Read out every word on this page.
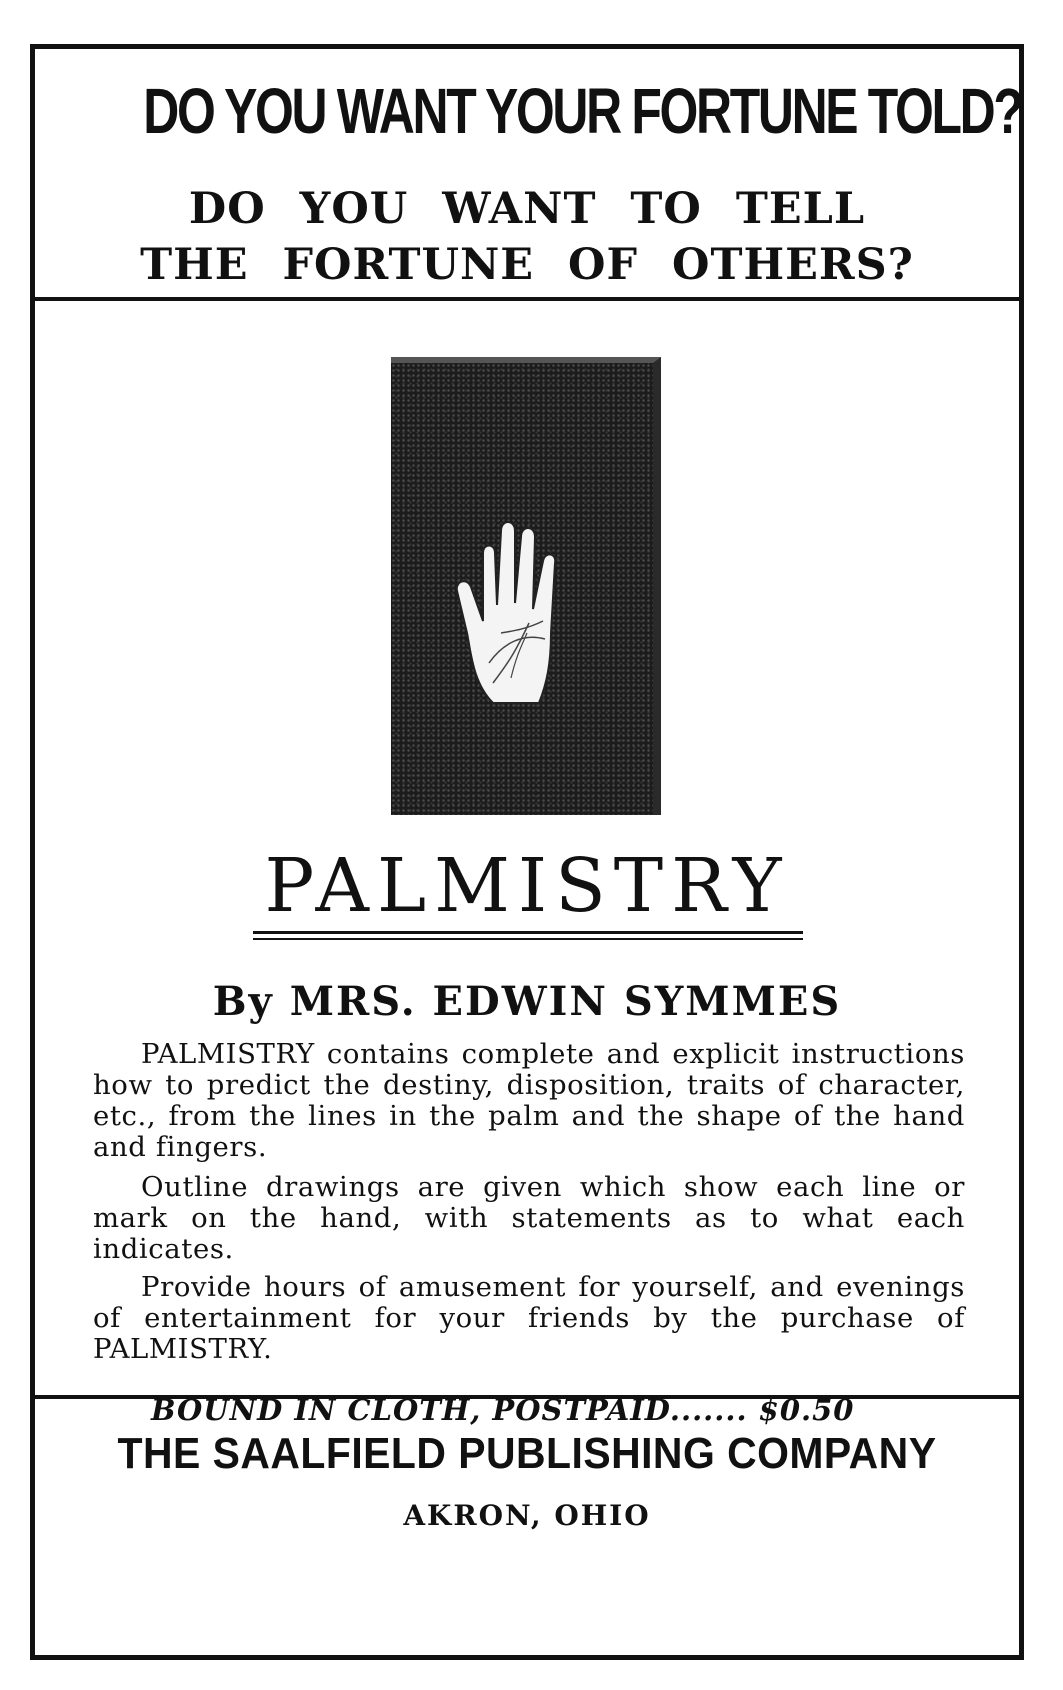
DO YOU WANT YOUR FORTUNE TOLD?
DO YOU WANT TO TELL
THE FORTUNE OF OTHERS?
PALMISTRY
By MRS. EDWIN SYMMES

PALMISTRY contains complete and explicit instructions how to predict the destiny, disposition, traits of character, etc., from the lines in the palm and the shape of the hand and fingers.

Outline drawings are given which show each line or mark on the hand, with statements as to what each indicates.

Provide hours of amusement for yourself, and evenings of entertainment for your friends by the purchase of PALMISTRY.

BOUND IN CLOTH, POSTPAID....... $0.50
THE SAALFIELD PUBLISHING COMPANY
AKRON, OHIO
